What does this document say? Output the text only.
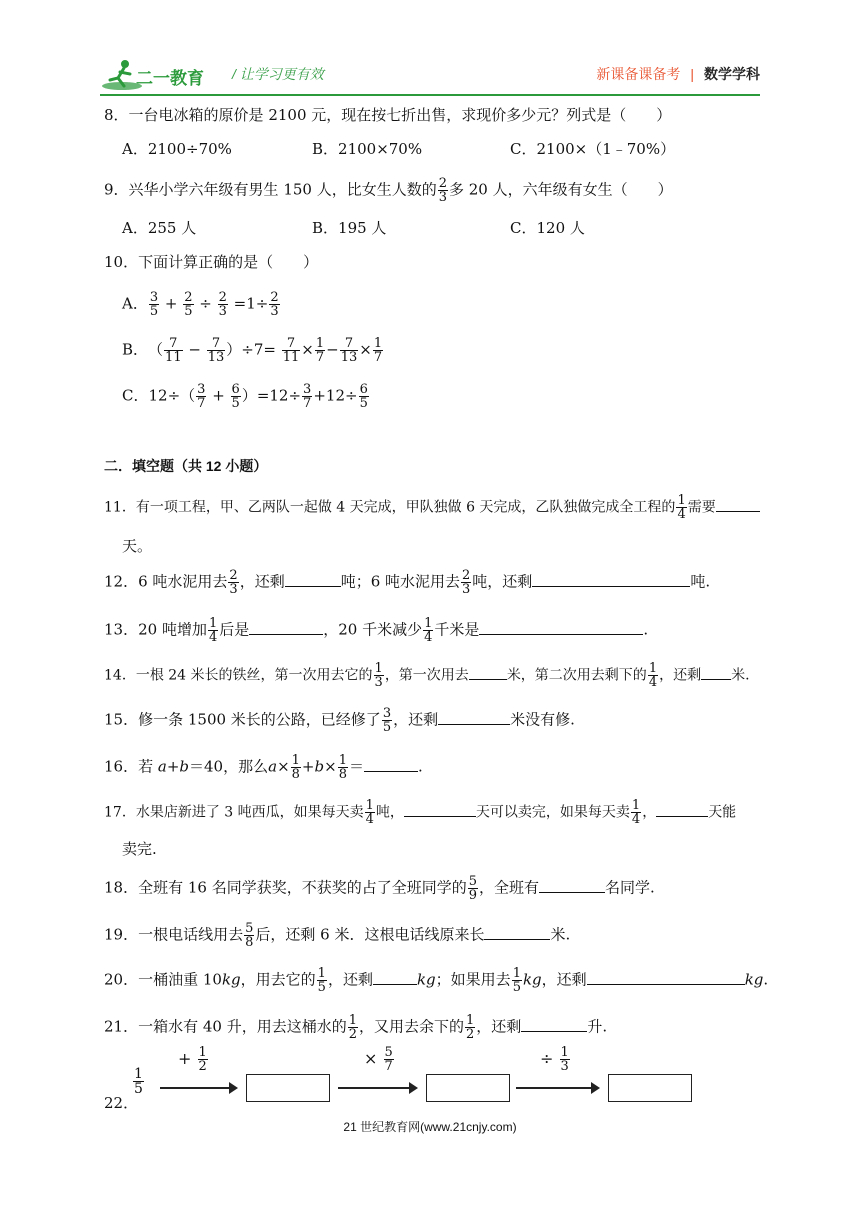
二一教育 / 让学习更有效	新课备课备考 | 数学学科
8．一台电冰箱的原价是 2100 元，现在按七折出售，求现价多少元？列式是（　　）
A．2100÷70%	B．2100×70%	C．2100×（1﹣70%）
9．兴华小学六年级有男生 150 人，比女生人数的 $\frac{2}{3}$ 多 20 人，六年级有女生（　　）
A．255 人	B．195 人	C．120 人
10．下面计算正确的是（　　）
A． $\frac{3}{5} + \frac{2}{5} \div \frac{2}{3} =1\div \frac{2}{3}$
B．　（ $\frac{7}{11} - \frac{7}{13} )\div 7= \frac{7}{11} \times \frac{1}{7} - \frac{7}{13} \times \frac{1}{7}$
C．$12\div( \frac{3}{7} + \frac{6}{5} )=12\div \frac{3}{7} +12\div \frac{6}{5}$
二．填空题（共 12 小题）
11．有一项工程，甲、乙两队一起做 4 天完成，甲队独做 6 天完成，乙队独做完成全工程的 $\frac{1}{4}$ 需要
天。
12．6 吨水泥用去 $\frac{2}{3}$ ，还剩	吨；6 吨水泥用去 $\frac{2}{3}$ 吨，还剩	吨.
13．20 吨增加 $\frac{1}{4}$ 后是	，20 千米减少 $\frac{1}{4}$ 千米是	.
14．一根 24 米长的铁丝，第一次用去它的 $\frac{1}{3}$ ，第一次用去	米，第二次用去剩下的 $\frac{1}{4}$ ，还剩 米.
15．修一条 1500 米长的公路，已经修了 $\frac{3}{5}$ ，还剩	米没有修.
16．若 a+b＝40，那么$a\times \frac{1}{8} +b\times \frac{1}{8}$ ＝	.
17．水果店新进了 3 吨西瓜，如果每天卖 $\frac{1}{4}$ 吨，	天可以卖完，如果每天卖 $\frac{1}{4}$ ，	天能
卖完.
18．全班有 16 名同学获奖，不获奖的占了全班同学的 $\frac{5}{9}$ ，全班有	名同学.
19．一根电话线用去 $\frac{5}{8}$ 后，还剩 6 米．这根电话线原来长	米.
20．一桶油重 10kg，用去它的 $\frac{1}{5}$ ，还剩	kg；如果用去 $\frac{1}{5}$ kg，还剩	kg.
21．一箱水有 40 升，用去这桶水的 $\frac{1}{2}$ ，又用去余下的 $\frac{1}{2}$ ，还剩	升.
22．
$\frac{1}{5}$
+ $\frac{1}{2}$	× $\frac{5}{7}$	÷ $\frac{1}{3}$
21 世纪教育网(www.21cnjy.com)
